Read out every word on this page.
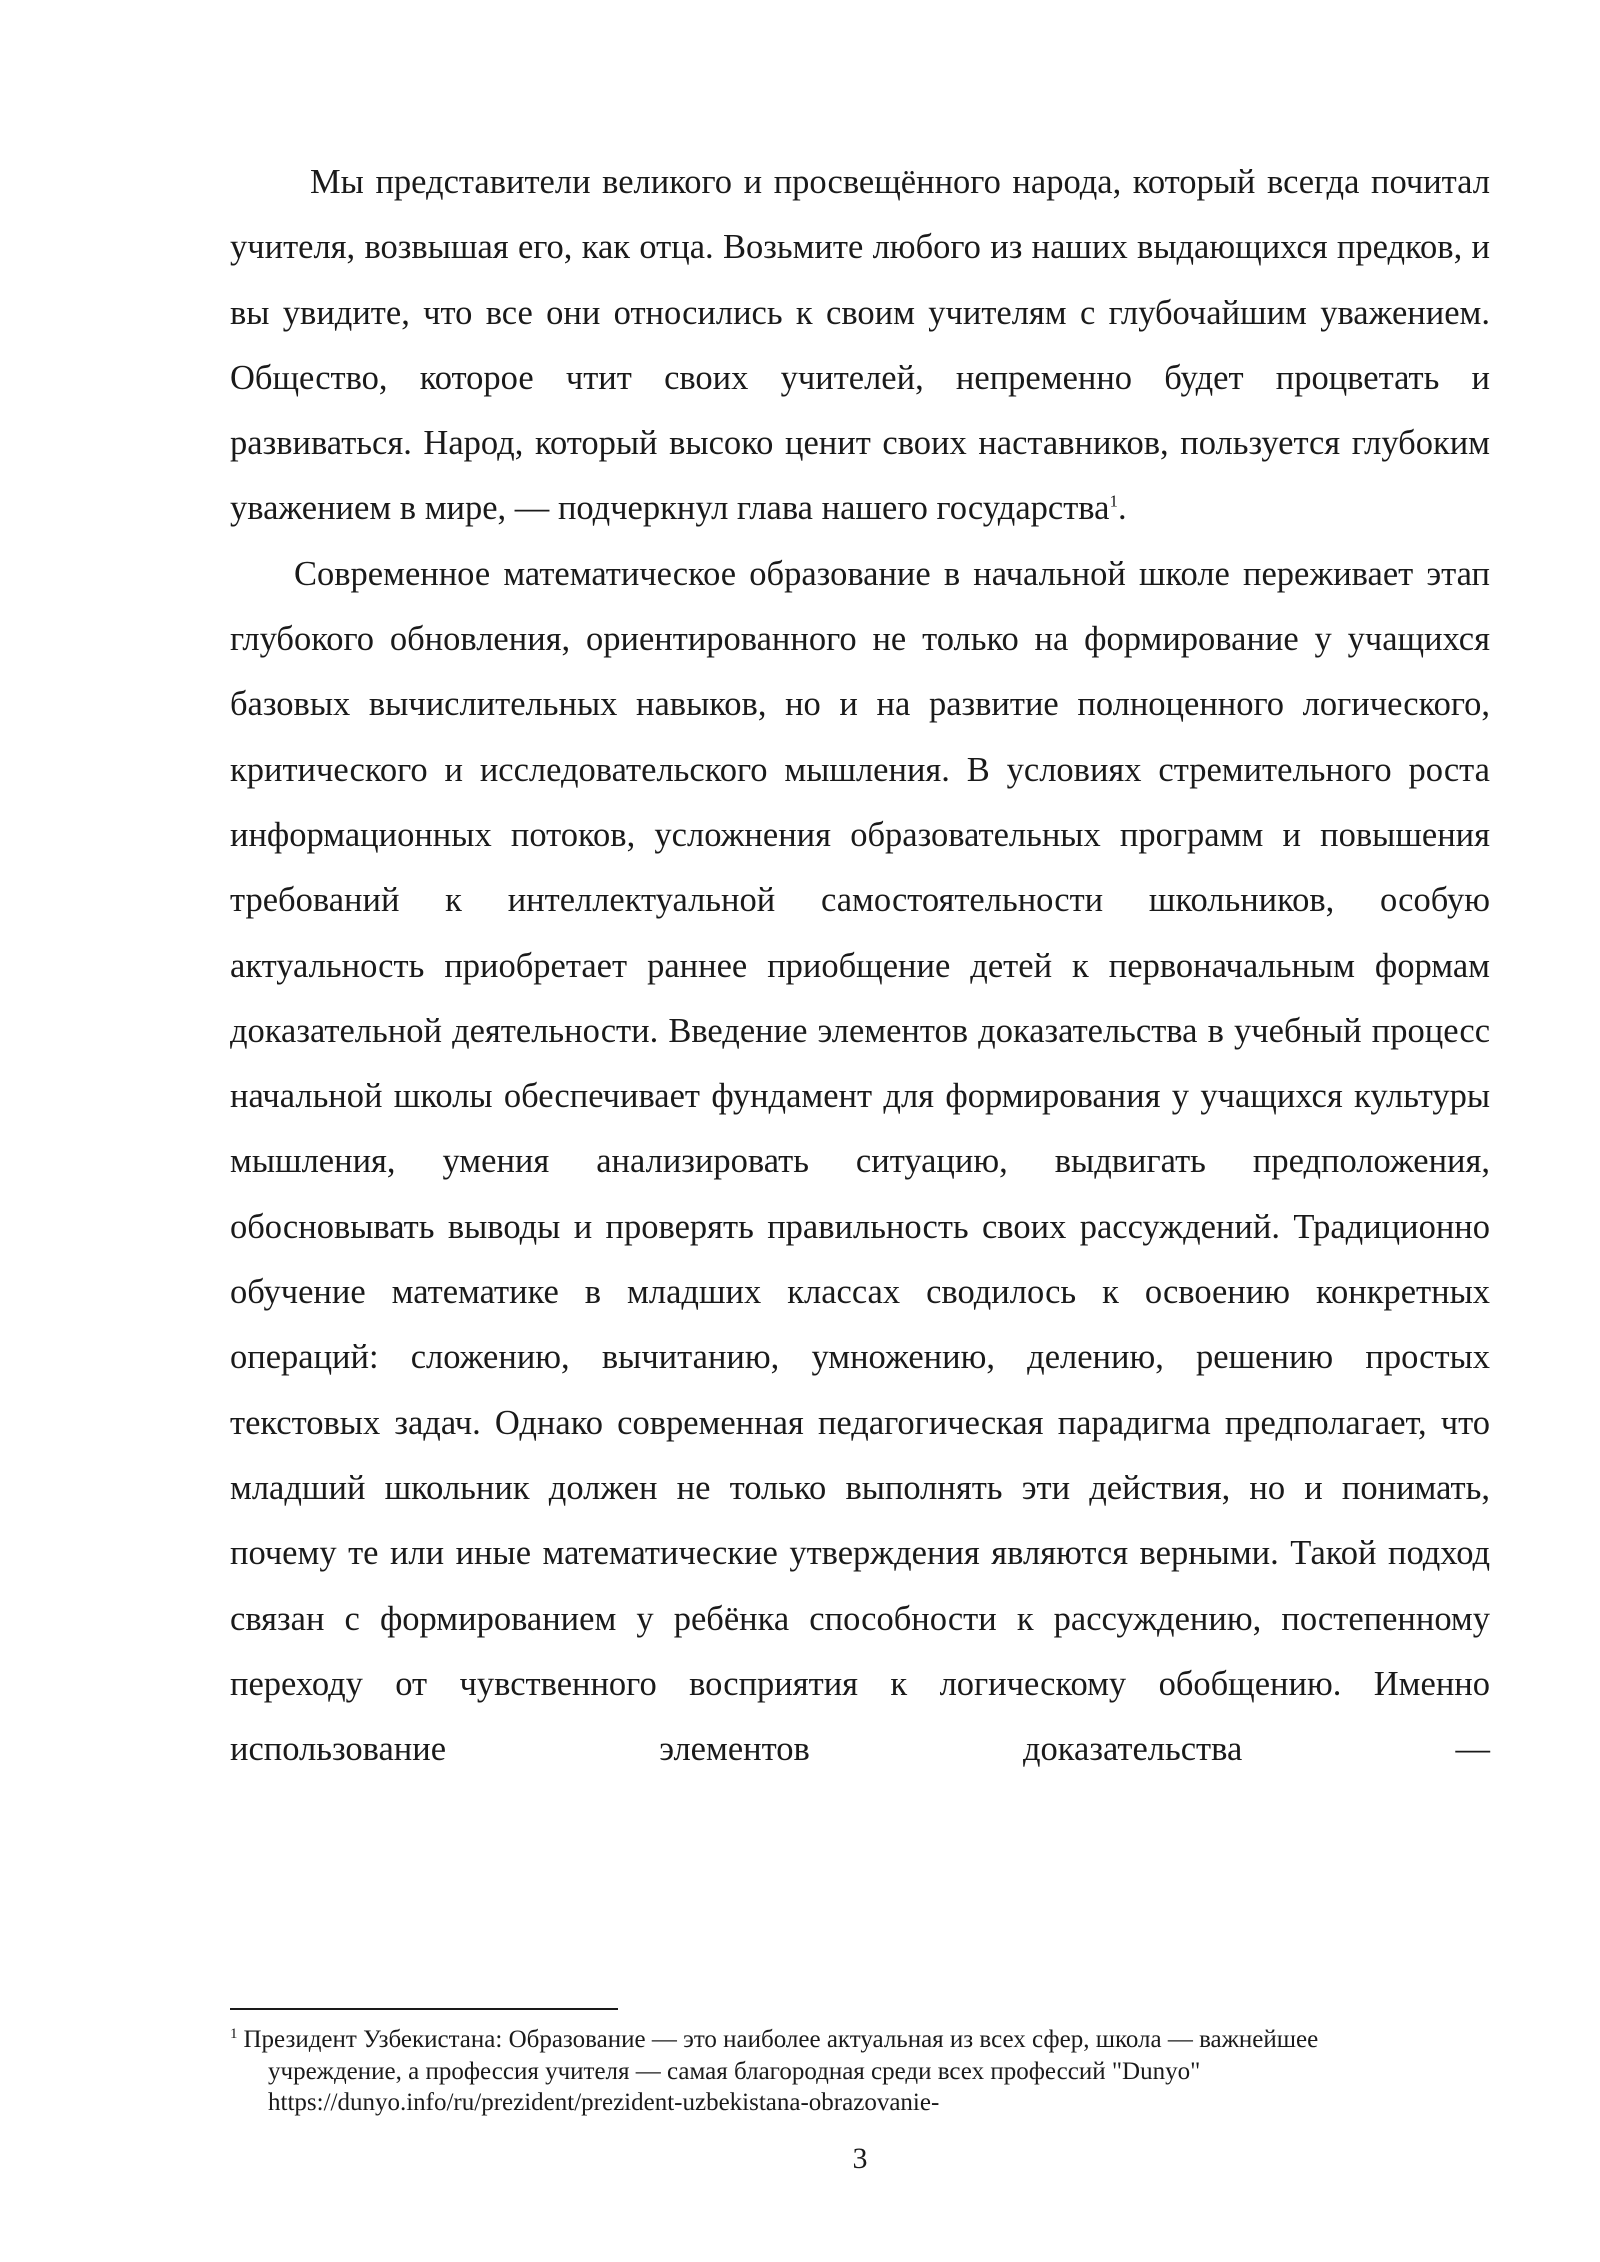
Мы представители великого и просвещённого народа, который всегда почитал учителя, возвышая его, как отца. Возьмите любого из наших выдающихся предков, и вы увидите, что все они относились к своим учителям с глубочайшим уважением. Общество, которое чтит своих учителей, непременно будет процветать и развиваться. Народ, который высоко ценит своих наставников, пользуется глубоким уважением в мире, — подчеркнул глава нашего государства$^1$.

Современное математическое образование в начальной школе переживает этап глубокого обновления, ориентированного не только на формирование у учащихся базовых вычислительных навыков, но и на развитие полноценного логического, критического и исследовательского мышления. В условиях стремительного роста информационных потоков, усложнения образовательных программ и повышения требований к интеллектуальной самостоятельности школьников, особую актуальность приобретает раннее приобщение детей к первоначальным формам доказательной деятельности. Введение элементов доказательства в учебный процесс начальной школы обеспечивает фундамент для формирования у учащихся культуры мышления, умения анализировать ситуацию, выдвигать предположения, обосновывать выводы и проверять правильность своих рассуждений. Традиционно обучение математике в младших классах сводилось к освоению конкретных операций: сложению, вычитанию, умножению, делению, решению простых текстовых задач. Однако современная педагогическая парадигма предполагает, что младший школьник должен не только выполнять эти действия, но и понимать, почему те или иные математические утверждения являются верными. Такой подход связан с формированием у ребёнка способности к рассуждению, постепенному переходу от чувственного восприятия к логическому обобщению. Именно использование элементов доказательства —

$^1$ Президент Узбекистана: Образование — это наиболее актуальная из всех сфер, школа — важнейшее
учреждение, а профессия учителя — самая благородная среди всех профессий "Dunyo"
https://dunyo.info/ru/prezident/prezident-uzbekistana-obrazovanie-
3
